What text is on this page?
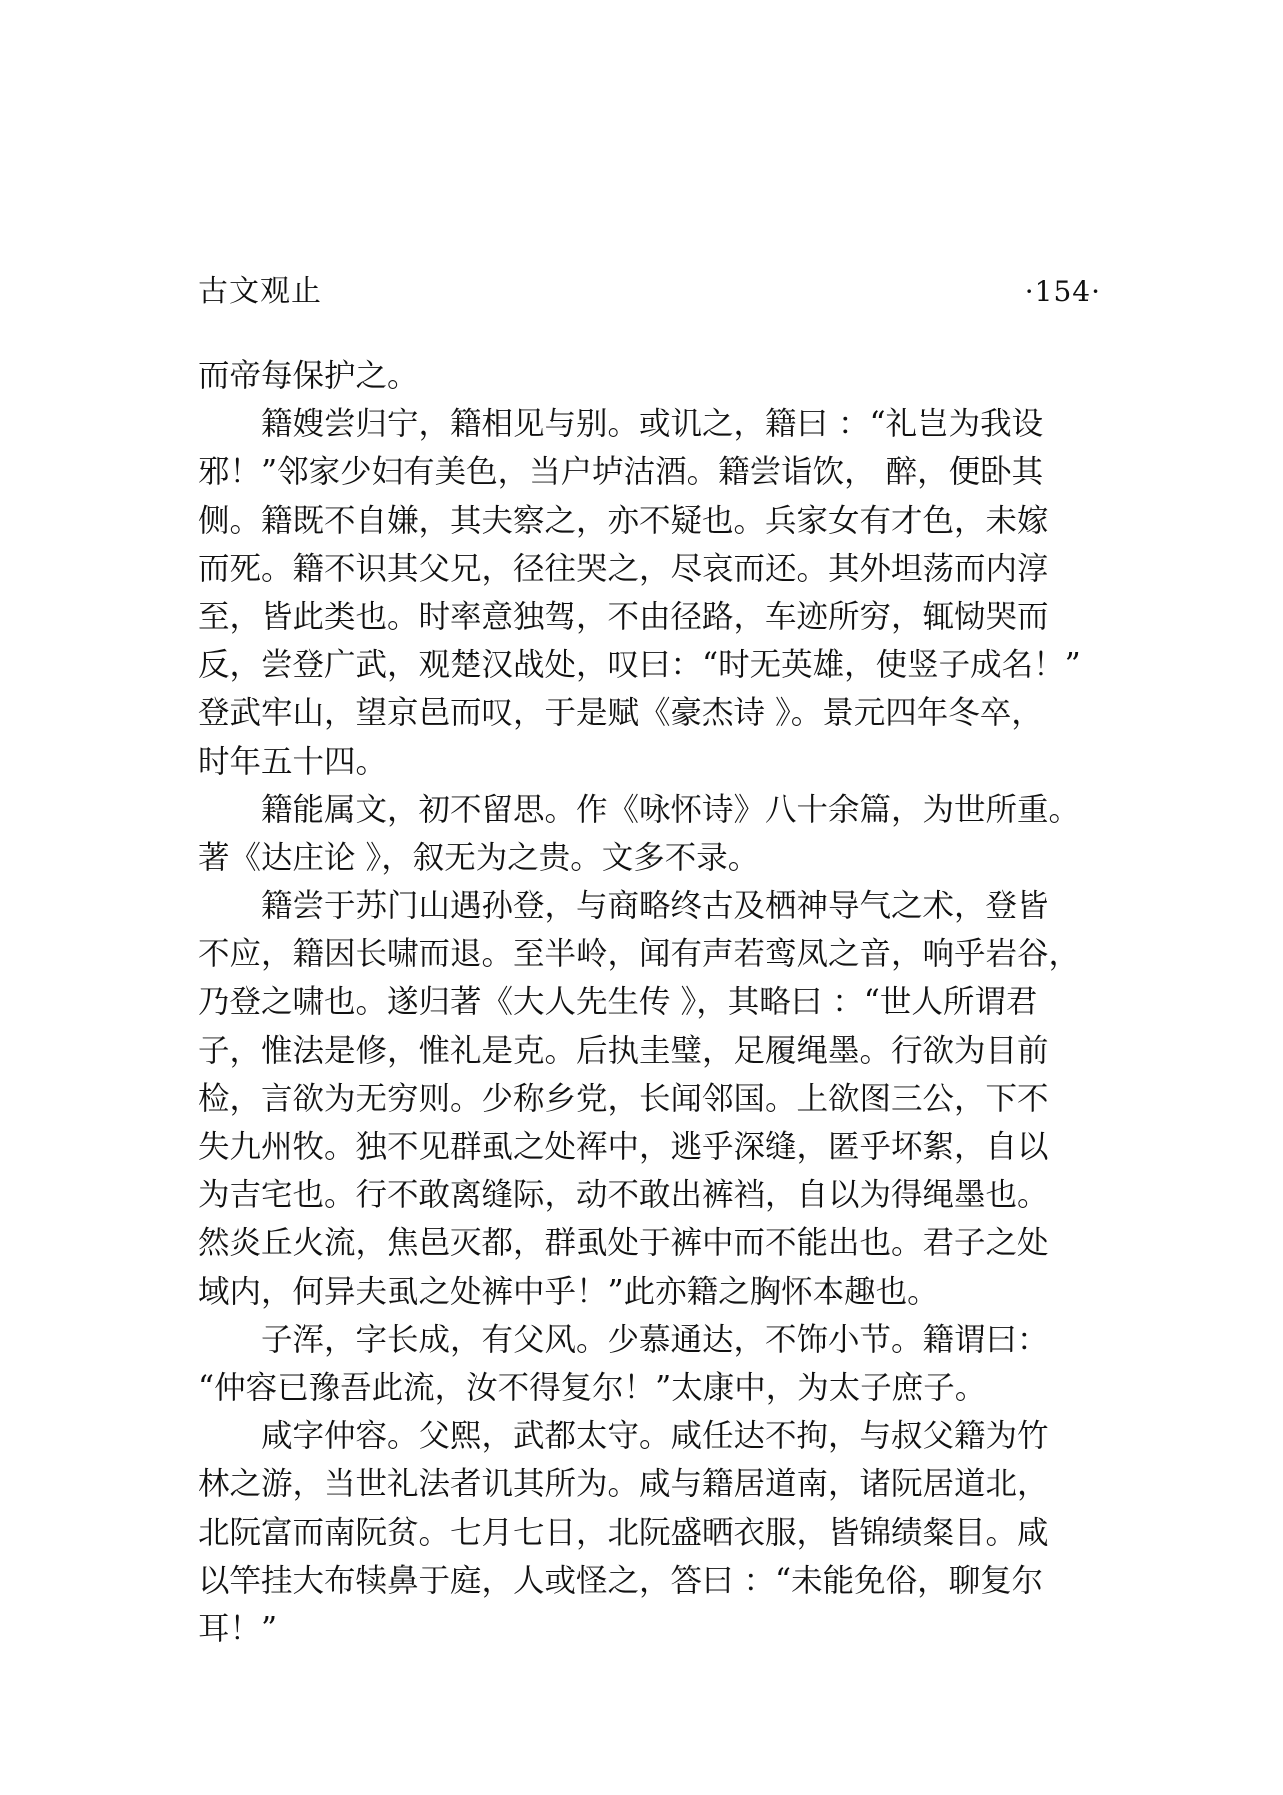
古文观止	·154·
而帝每保护之。
籍嫂尝归宁，籍相见与别。或讥之，籍曰 ：“礼岂为我设
邪！”邻家少妇有美色，当户垆沽酒。籍尝诣饮， 醉，便卧其
侧。籍既不自嫌，其夫察之，亦不疑也。兵家女有才色，未嫁
而死。籍不识其父兄，径往哭之，尽哀而还。其外坦荡而内淳
至，皆此类也。时率意独驾，不由径路，车迹所穷，辄恸哭而
反，尝登广武，观楚汉战处，叹曰：“时无英雄，使竖子成名！”
登武牢山，望京邑而叹，于是赋《豪杰诗 》。景元四年冬卒，
时年五十四。
籍能属文，初不留思。作《咏怀诗》八十余篇，为世所重。
著《达庄论 》，叙无为之贵。文多不录。
籍尝于苏门山遇孙登，与商略终古及栖神导气之术，登皆
不应，籍因长啸而退。至半岭，闻有声若鸾凤之音，响乎岩谷，
乃登之啸也。遂归著《大人先生传 》，其略曰 ：“世人所谓君
子，惟法是修，惟礼是克。后执圭璧，足履绳墨。行欲为目前
检，言欲为无穷则。少称乡党，长闻邻国。上欲图三公，下不
失九州牧。独不见群虱之处裈中，逃乎深缝，匿乎坏絮，自以
为吉宅也。行不敢离缝际，动不敢出裤裆，自以为得绳墨也。
然炎丘火流，焦邑灭都，群虱处于裤中而不能出也。君子之处
域内，何异夫虱之处裤中乎！”此亦籍之胸怀本趣也。
子浑，字长成，有父风。少慕通达，不饰小节。籍谓曰：
“仲容已豫吾此流，汝不得复尔！”太康中，为太子庶子。
咸字仲容。父熙，武都太守。咸任达不拘，与叔父籍为竹
林之游，当世礼法者讥其所为。咸与籍居道南，诸阮居道北，
北阮富而南阮贫。七月七日，北阮盛晒衣服，皆锦绩粲目。咸
以竿挂大布犊鼻于庭，人或怪之，答曰 ：“未能免俗，聊复尔
耳！”
